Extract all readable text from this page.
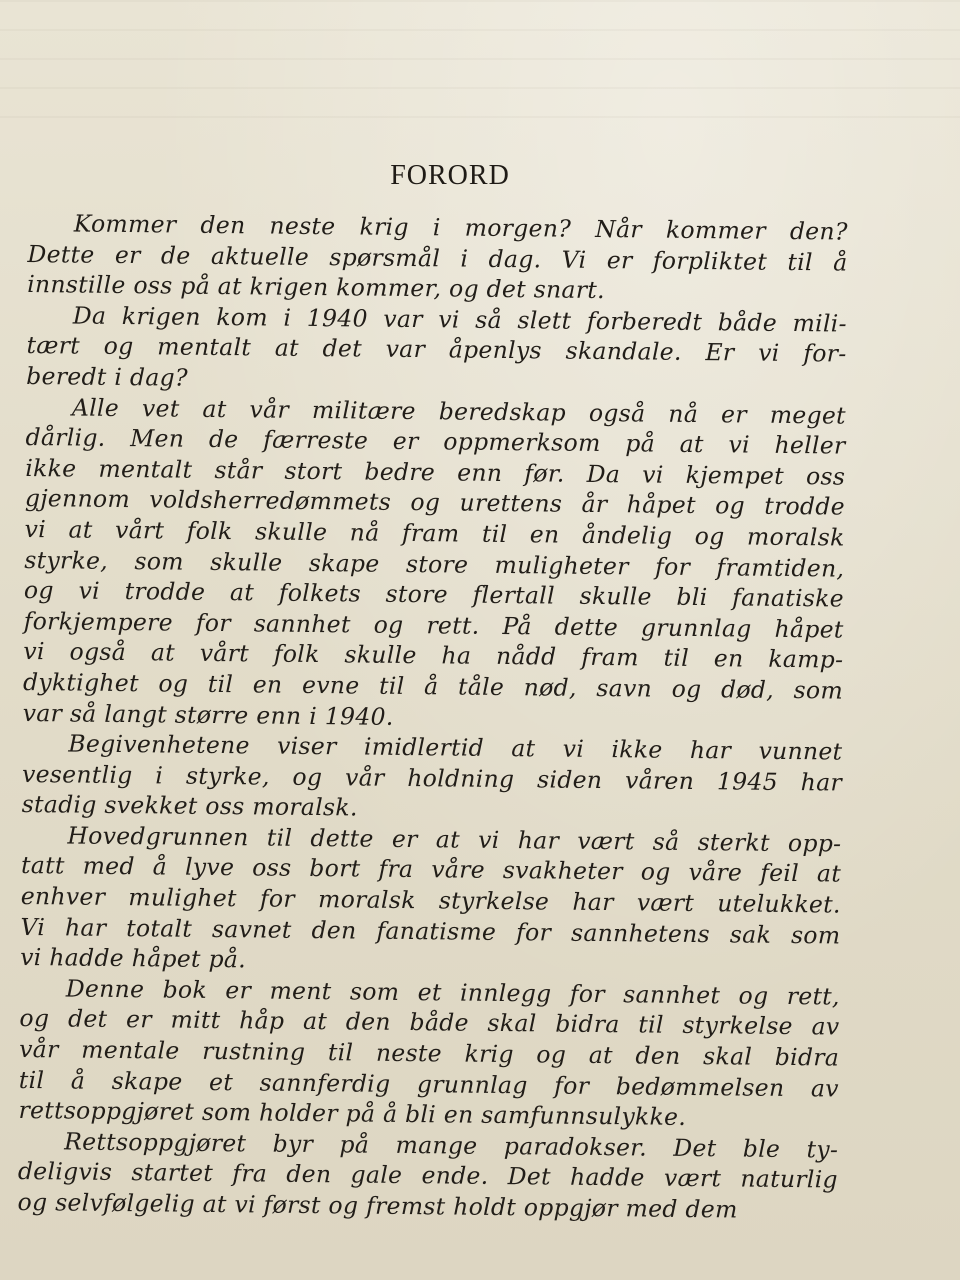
FORORD
Kommer den neste krig i morgen? Når kommer den?
Dette er de aktuelle spørsmål i dag. Vi er forpliktet til å
innstille oss på at krigen kommer, og det snart.
Da krigen kom i 1940 var vi så slett forberedt både mili-
tært og mentalt at det var åpenlys skandale. Er vi for-
beredt i dag?
Alle vet at vår militære beredskap også nå er meget
dårlig. Men de færreste er oppmerksom på at vi heller
ikke mentalt står stort bedre enn før. Da vi kjempet oss
gjennom voldsherredømmets og urettens år håpet og trodde
vi at vårt folk skulle nå fram til en åndelig og moralsk
styrke, som skulle skape store muligheter for framtiden,
og vi trodde at folkets store flertall skulle bli fanatiske
forkjempere for sannhet og rett. På dette grunnlag håpet
vi også at vårt folk skulle ha nådd fram til en kamp-
dyktighet og til en evne til å tåle nød, savn og død, som
var så langt større enn i 1940.
Begivenhetene viser imidlertid at vi ikke har vunnet
vesentlig i styrke, og vår holdning siden våren 1945 har
stadig svekket oss moralsk.
Hovedgrunnen til dette er at vi har vært så sterkt opp-
tatt med å lyve oss bort fra våre svakheter og våre feil at
enhver mulighet for moralsk styrkelse har vært utelukket.
Vi har totalt savnet den fanatisme for sannhetens sak som
vi hadde håpet på.
Denne bok er ment som et innlegg for sannhet og rett,
og det er mitt håp at den både skal bidra til styrkelse av
vår mentale rustning til neste krig og at den skal bidra
til å skape et sannferdig grunnlag for bedømmelsen av
rettsoppgjøret som holder på å bli en samfunnsulykke.
Rettsoppgjøret byr på mange paradokser. Det ble ty-
deligvis startet fra den gale ende. Det hadde vært naturlig
og selvfølgelig at vi først og fremst holdt oppgjør med dem
